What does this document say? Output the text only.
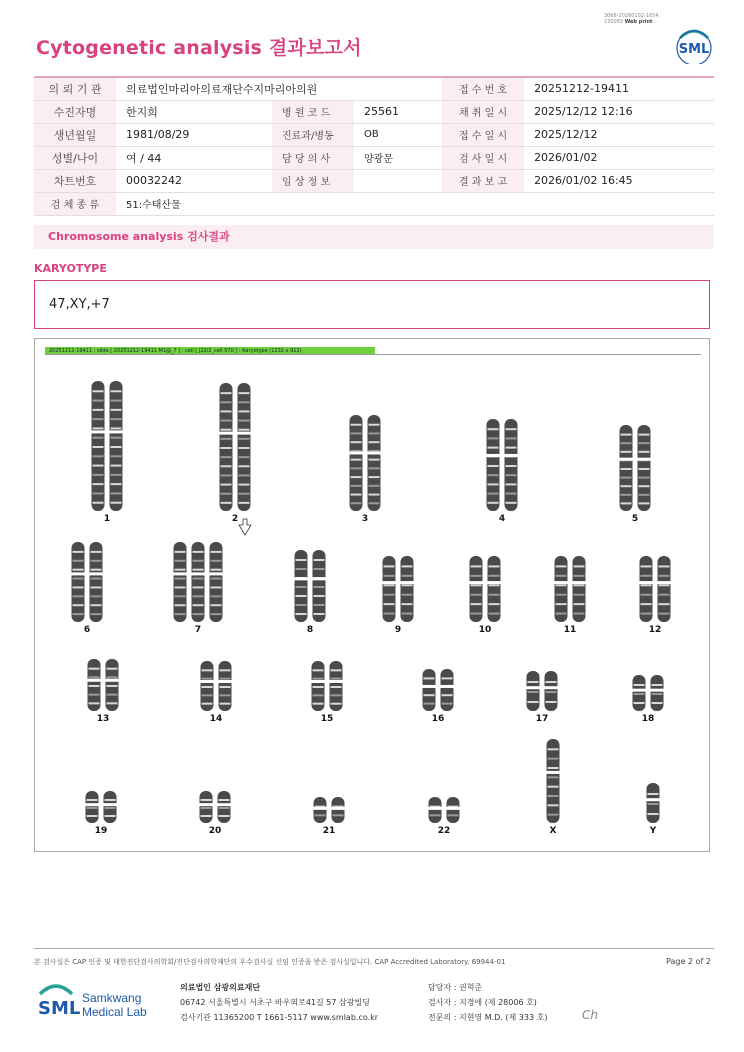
3068-20260102-1654
230083 Web print
Cytogenetic analysis 결과보고서	SML
의 뢰 기 관	의료법인마리아의료재단수지마리아의원			접 수 번 호	20251212-19411
수진자명	한지희	병 원 코 드	25561	채 취 일 시	2025/12/12 12:16
생년월일	1981/08/29	진료과/병동	OB	접 수 일 시	2025/12/12
성별/나이	여 / 44	담 당 의 사	양광문	검 사 일 시	2026/01/02
차트번호	00032242	임 상 정 보		결 과 보 고	2026/01/02 16:45
검 체 종 류	51:수태산물				
Chromosome analysis 검사결과
KARYOTYPE
47,XY,+7
20251212-19411 : slide [ 20251212-19411 M1@_7 ] : cell [ J22/2_cell 570 ] : Karyotype (1232 x 912)
1	2	3	4	5
6	7	8	9	10	11	12
13	14	15	16	17	18
19	20	21	22	X	Y
본 검사실은 CAP 인증 및 대한진단검사의학회/진단검사의학재단의 우수검사실 신임 인증을 받은 검사실입니다. CAP Accredited Laboratory. 69944-01	Page 2 of 2
SML Samkwang
Medical Lab
의료법인 삼광의료재단
06742 서울특별시 서초구 바우뫼로41길 57 삼광빌딩
검사기관 11365200 T 1661-5117 www.smlab.co.kr
담당자 : 권혁준
검사자 : 지경애 (제 28006 호)
전문의 : 지현영 M.D. (제 333 호)	Ch
